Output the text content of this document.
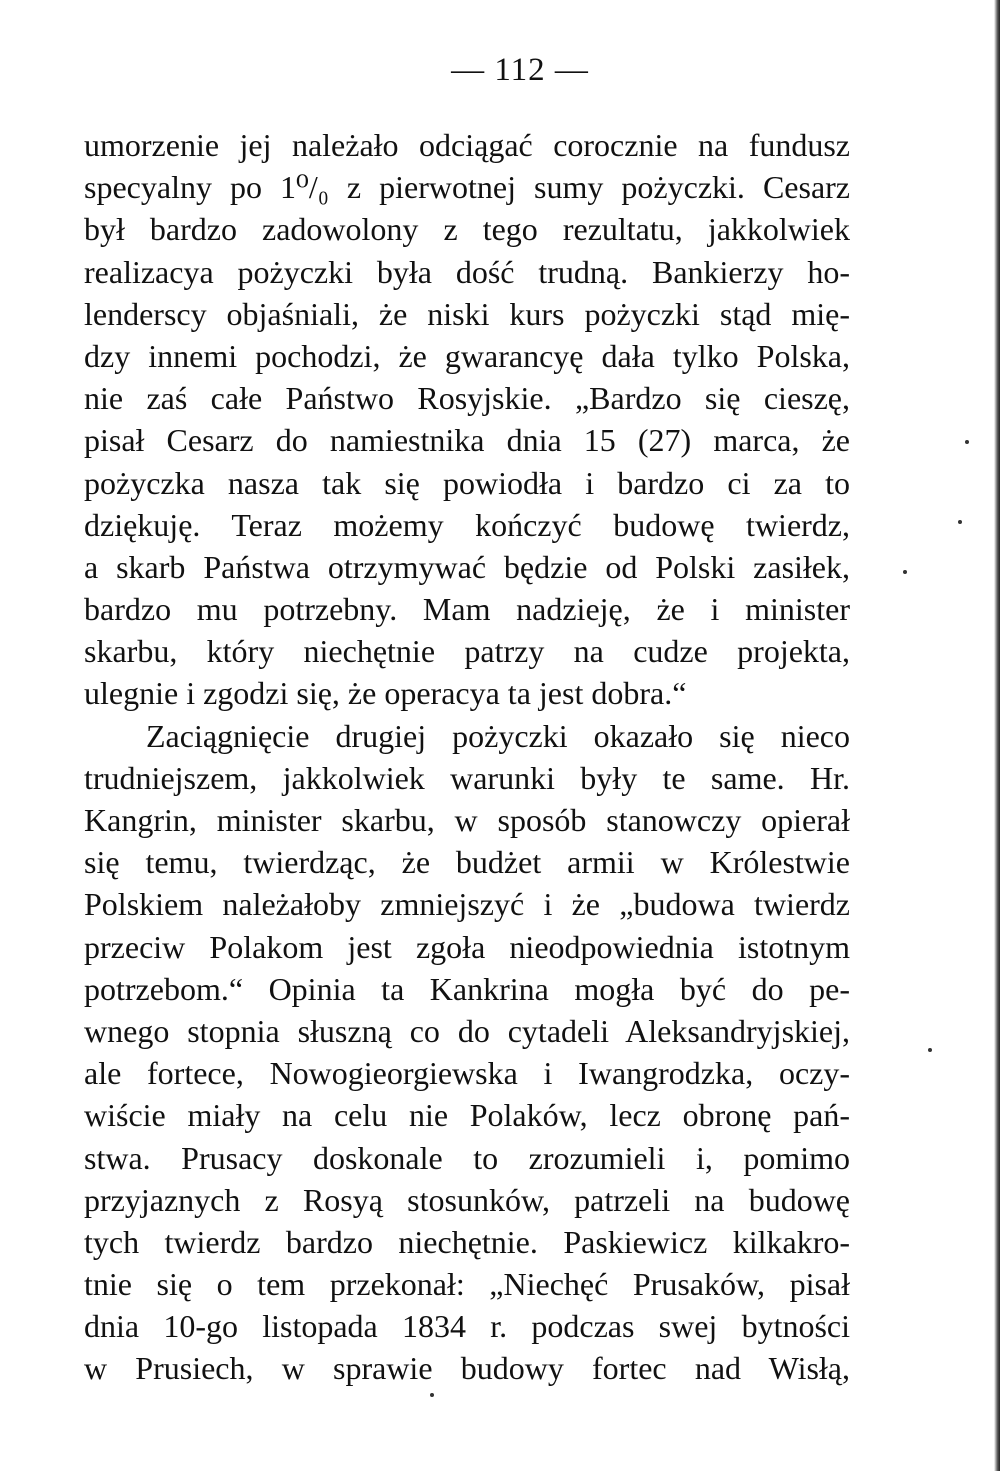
— 112 —
umorzenie jej należało odciągać corocznie na fundusz
specyalny po 1⁰/₀ z pierwotnej sumy pożyczki. Cesarz
był bardzo zadowolony z tego rezultatu, jakkolwiek
realizacya pożyczki była dość trudną. Bankierzy ho-
lenderscy objaśniali, że niski kurs pożyczki stąd mię-
dzy innemi pochodzi, że gwarancyę dała tylko Polska,
nie zaś całe Państwo Rosyjskie. „Bardzo się cieszę,
pisał Cesarz do namiestnika dnia 15 (27) marca, że
pożyczka nasza tak się powiodła i bardzo ci za to
dziękuję. Teraz możemy kończyć budowę twierdz,
a skarb Państwa otrzymywać będzie od Polski zasiłek,
bardzo mu potrzebny. Mam nadzieję, że i minister
skarbu, który niechętnie patrzy na cudze projekta,
ulegnie i zgodzi się, że operacya ta jest dobra.“
Zaciągnięcie drugiej pożyczki okazało się nieco
trudniejszem, jakkolwiek warunki były te same. Hr.
Kangrin, minister skarbu, w sposób stanowczy opierał
się temu, twierdząc, że budżet armii w Królestwie
Polskiem należałoby zmniejszyć i że „budowa twierdz
przeciw Polakom jest zgoła nieodpowiednia istotnym
potrzebom.“ Opinia ta Kankrina mogła być do pe-
wnego stopnia słuszną co do cytadeli Aleksandryjskiej,
ale fortece, Nowogieorgiewska i Iwangrodzka, oczy-
wiście miały na celu nie Polaków, lecz obronę pań-
stwa. Prusacy doskonale to zrozumieli i, pomimo
przyjaznych z Rosyą stosunków, patrzeli na budowę
tych twierdz bardzo niechętnie. Paskiewicz kilkakro-
tnie się o tem przekonał: „Niechęć Prusaków, pisał
dnia 10-go listopada 1834 r. podczas swej bytności
w Prusiech, w sprawie budowy fortec nad Wisłą,
